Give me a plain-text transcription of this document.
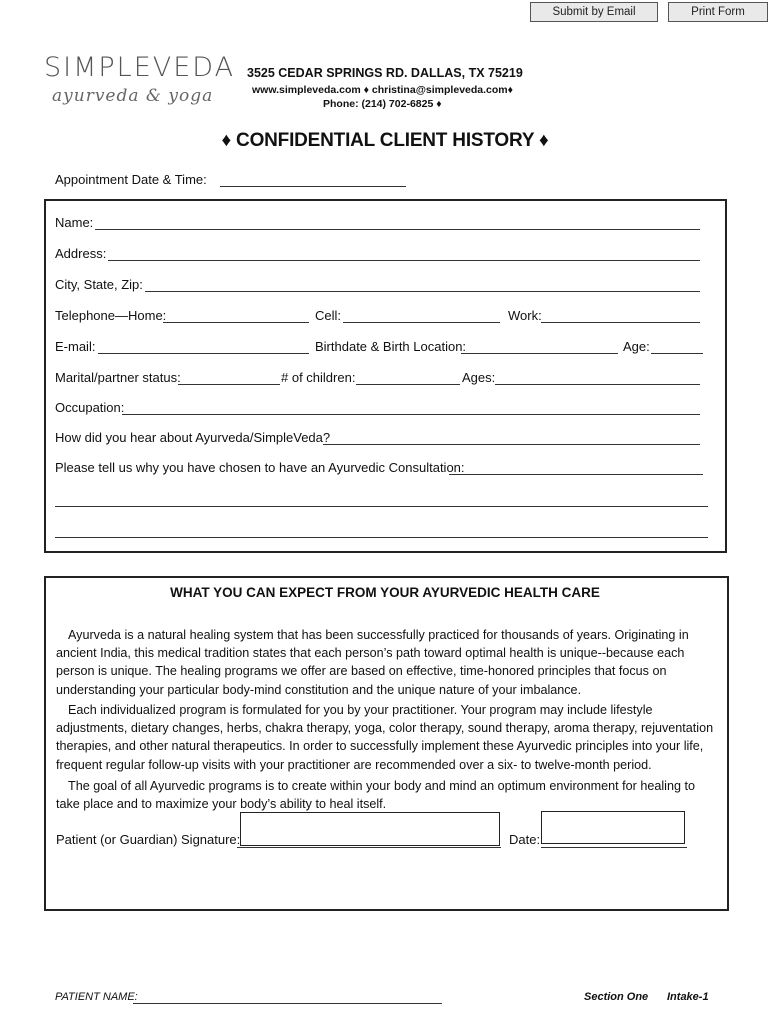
Submit by Email	Print Form
SIMPLEVEDA
ayurveda & yoga
3525 CEDAR SPRINGS RD. DALLAS, TX 75219
www.simpleveda.com ♦ christina@simpleveda.com♦
Phone: (214) 702-6825 ♦
♦ CONFIDENTIAL CLIENT HISTORY ♦
Appointment Date & Time:
Name:
Address:
City, State, Zip:
Telephone—Home:	Cell:	Work:
E-mail:	Birthdate & Birth Location:	Age:
Marital/partner status:	# of children:	Ages:
Occupation:
How did you hear about Ayurveda/SimpleVeda?
Please tell us why you have chosen to have an Ayurvedic Consultation:
WHAT YOU CAN EXPECT FROM YOUR AYURVEDIC HEALTH CARE
Ayurveda is a natural healing system that has been successfully practiced for thousands of years. Originating in ancient India, this medical tradition states that each person’s path toward optimal health is unique--because each person is unique. The healing programs we offer are based on effective, time-honored principles that focus on understanding your particular body-mind constitution and the unique nature of your imbalance.
Each individualized program is formulated for you by your practitioner. Your program may include lifestyle adjustments, dietary changes, herbs, chakra therapy, yoga, color therapy, sound therapy, aroma therapy, rejuventation therapies, and other natural therapeutics. In order to successfully implement these Ayurvedic principles into your life, frequent regular follow-up visits with your practitioner are recommended over a six- to twelve-month period.
The goal of all Ayurvedic programs is to create within your body and mind an optimum environment for healing to take place and to maximize your body’s ability to heal itself.
Patient (or Guardian) Signature:	Date:
PATIENT NAME:	Section One Intake-1
